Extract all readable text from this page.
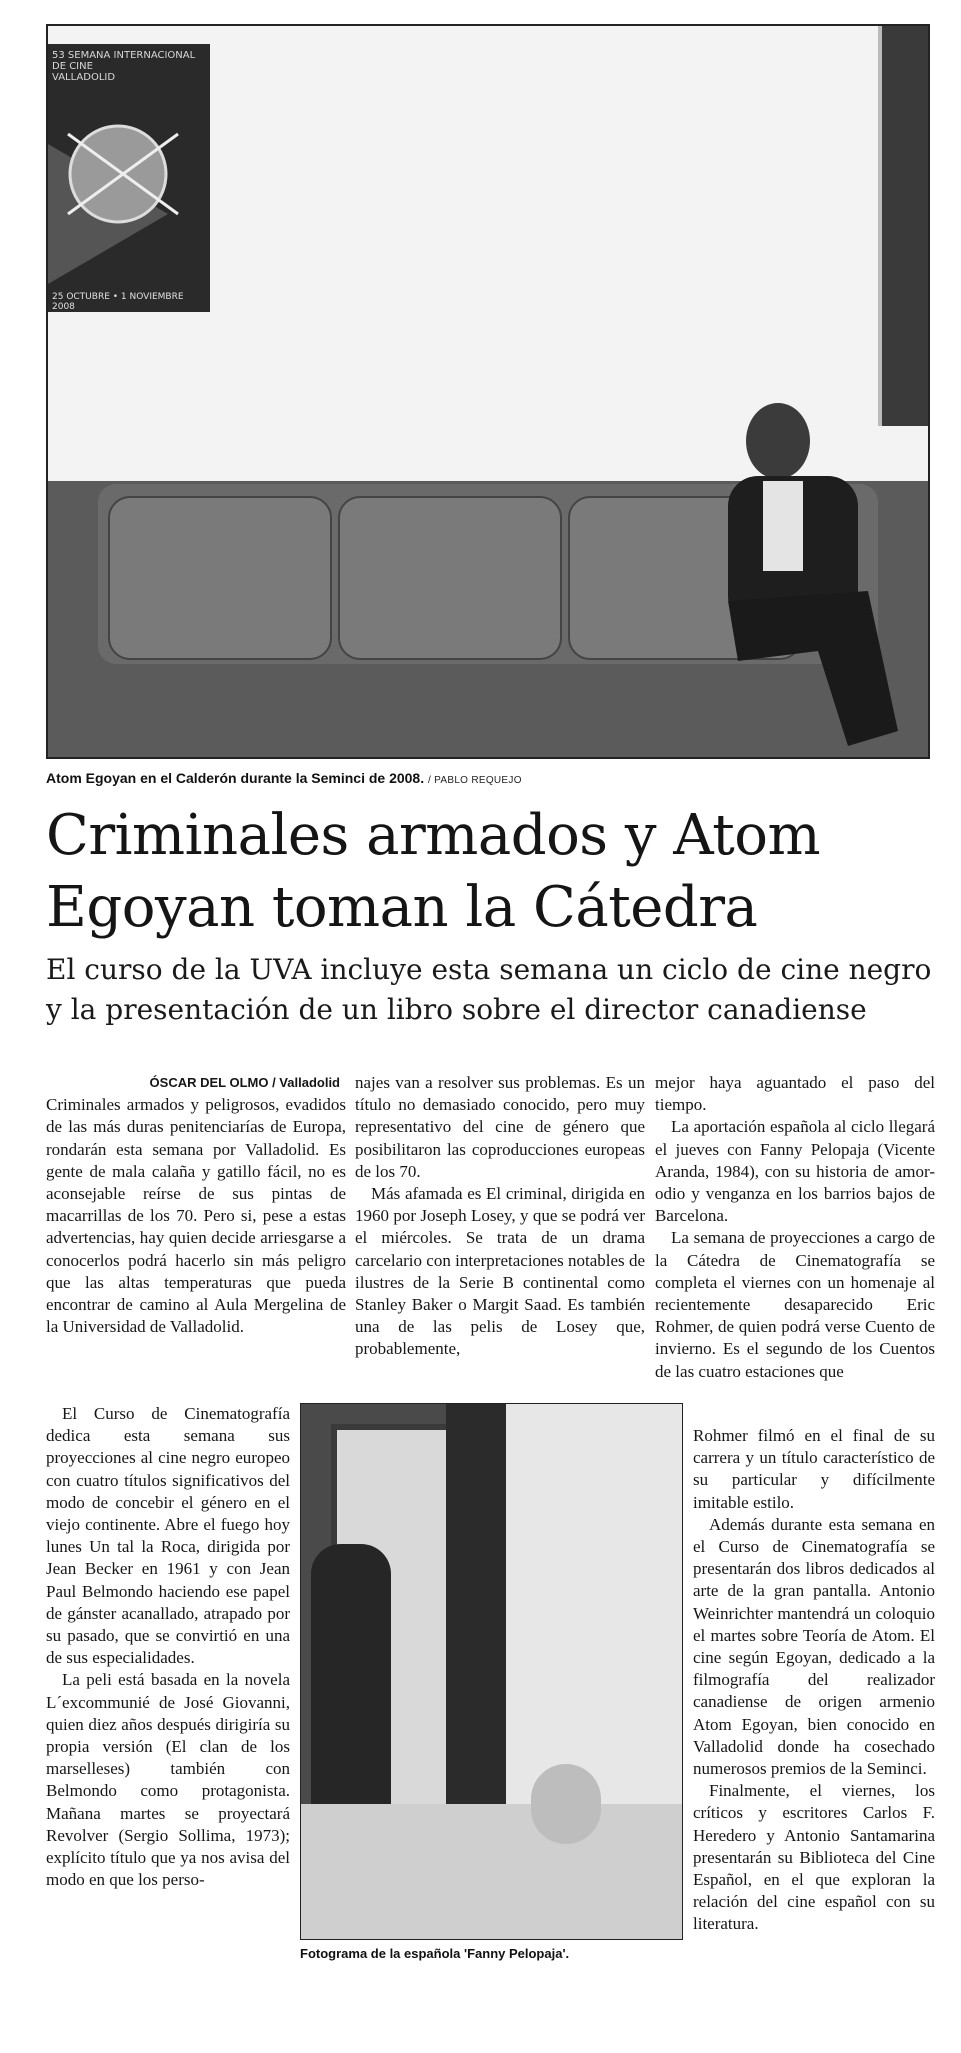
53 SEMANA INTERNACIONAL
DE CINE
VALLADOLID
25 OCTUBRE • 1 NOVIEMBRE 2008
Atom Egoyan en el Calderón durante la Seminci de 2008. / PABLO REQUEJO
Criminales armados y Atom Egoyan toman la Cátedra
El curso de la UVA incluye esta semana un ciclo de cine negro y la presentación de un libro sobre el director canadiense
ÓSCAR DEL OLMO / Valladolid

Criminales armados y peligrosos, evadidos de las más duras penitenciarías de Europa, rondarán esta semana por Valladolid. Es gente de mala calaña y gatillo fácil, no es aconsejable reírse de sus pintas de macarrillas de los 70. Pero si, pese a estas advertencias, hay quien decide arriesgarse a conocerlos podrá hacerlo sin más peligro que las altas temperaturas que pueda encontrar de camino al Aula Mergelina de la Universidad de Valladolid.

El Curso de Cinematografía dedica esta semana sus proyecciones al cine negro europeo con cuatro títulos significativos del modo de concebir el género en el viejo continente. Abre el fuego hoy lunes Un tal la Roca, dirigida por Jean Becker en 1961 y con Jean Paul Belmondo haciendo ese papel de gánster acanallado, atrapado por su pasado, que se convirtió en una de sus especialidades.

La peli está basada en la novela L´excommunié de José Giovanni, quien diez años después dirigiría su propia versión (El clan de los marselleses) también con Belmondo como protagonista. Mañana martes se proyectará Revolver (Sergio Sollima, 1973); explícito título que ya nos avisa del modo en que los perso-

najes van a resolver sus problemas. Es un título no demasiado conocido, pero muy representativo del cine de género que posibilitaron las coproducciones europeas de los 70.

Más afamada es El criminal, dirigida en 1960 por Joseph Losey, y que se podrá ver el miércoles. Se trata de un drama carcelario con interpretaciones notables de ilustres de la Serie B continental como Stanley Baker o Margit Saad. Es también una de las pelis de Losey que, probablemente,

Fotograma de la española 'Fanny Pelopaja'.

mejor haya aguantado el paso del tiempo.

La aportación española al ciclo llegará el jueves con Fanny Pelopaja (Vicente Aranda, 1984), con su historia de amor-odio y venganza en los barrios bajos de Barcelona.

La semana de proyecciones a cargo de la Cátedra de Cinematografía se completa el viernes con un homenaje al recientemente desaparecido Eric Rohmer, de quien podrá verse Cuento de invierno. Es el segundo de los Cuentos de las cuatro estaciones que

Rohmer filmó en el final de su carrera y un título característico de su particular y difícilmente imitable estilo.

Además durante esta semana en el Curso de Cinematografía se presentarán dos libros dedicados al arte de la gran pantalla. Antonio Weinrichter mantendrá un coloquio el martes sobre Teoría de Atom. El cine según Egoyan, dedicado a la filmografía del realizador canadiense de origen armenio Atom Egoyan, bien conocido en Valladolid donde ha cosechado numerosos premios de la Seminci.

Finalmente, el viernes, los críticos y escritores Carlos F. Heredero y Antonio Santamarina presentarán su Biblioteca del Cine Español, en el que exploran la relación del cine español con su literatura.
